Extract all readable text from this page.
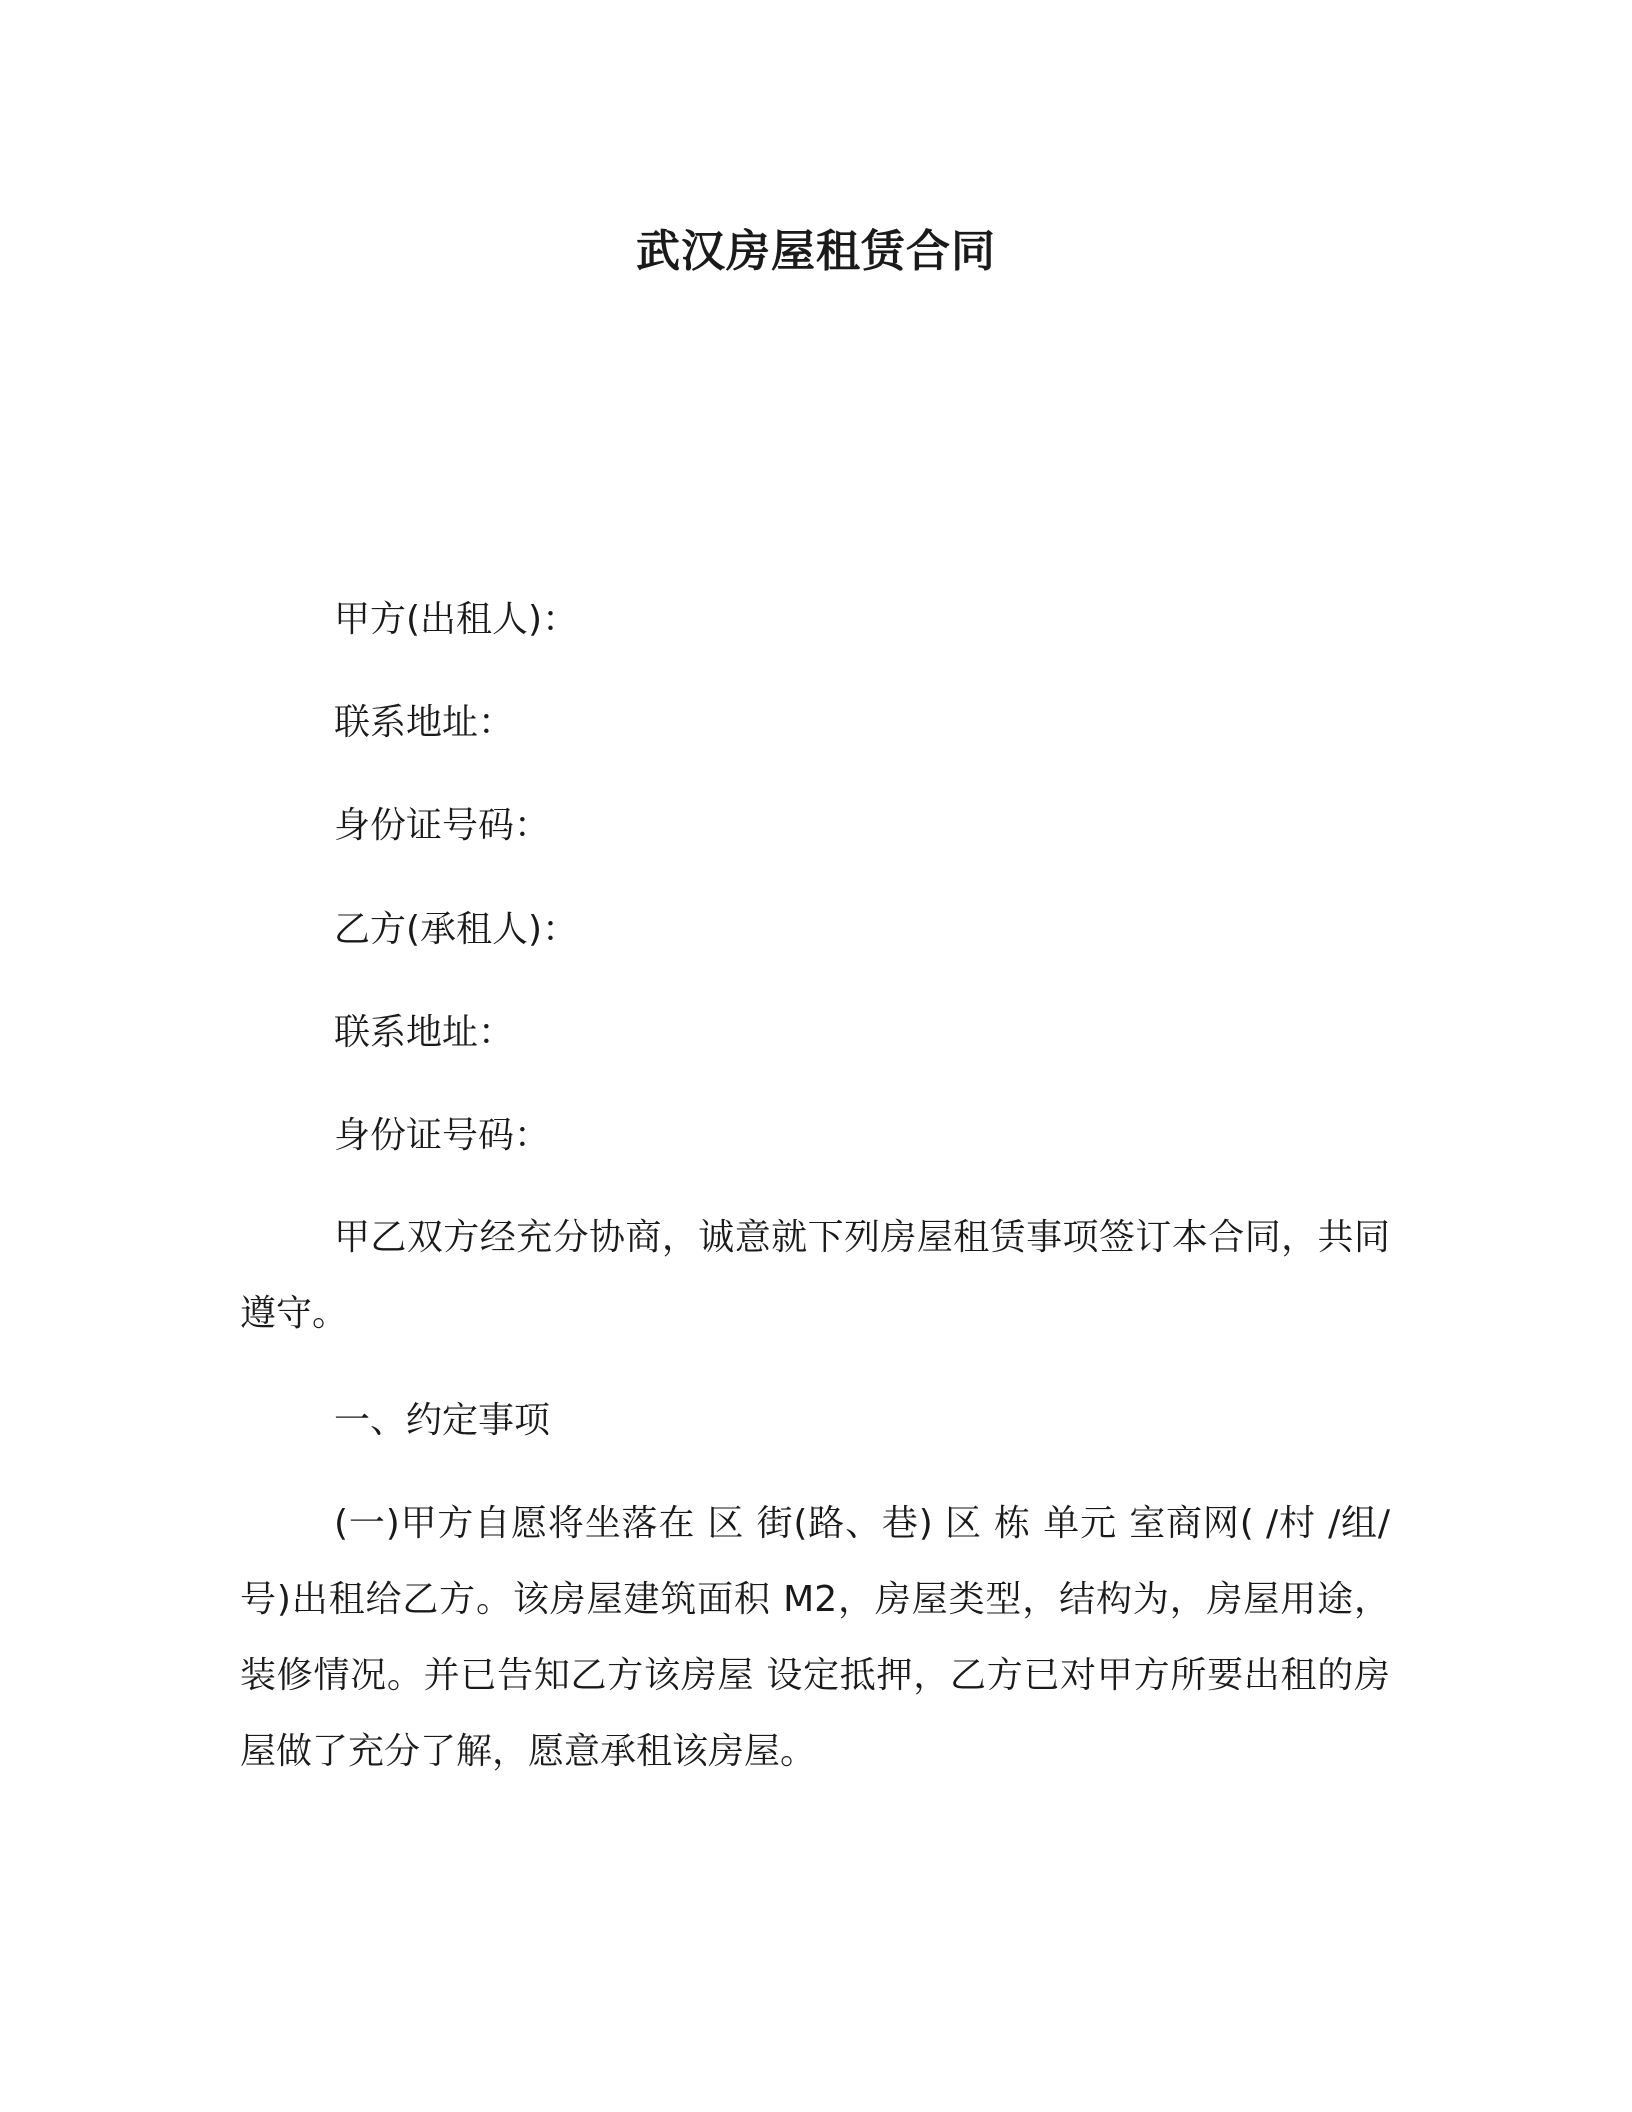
武汉房屋租赁合同
甲方(出租人)：
联系地址：
身份证号码：
乙方(承租人)：
联系地址：
身份证号码：

甲乙双方经充分协商，诚意就下列房屋租赁事项签订本合同，共同遵守。

一、约定事项

(一)甲方自愿将坐落在 区 街(路、巷) 区 栋 单元 室商网( /村 /组/号)出租给乙方。该房屋建筑面积 M2，房屋类型，结构为，房屋用途，装修情况。并已告知乙方该房屋 设定抵押，乙方已对甲方所要出租的房屋做了充分了解，愿意承租该房屋。
